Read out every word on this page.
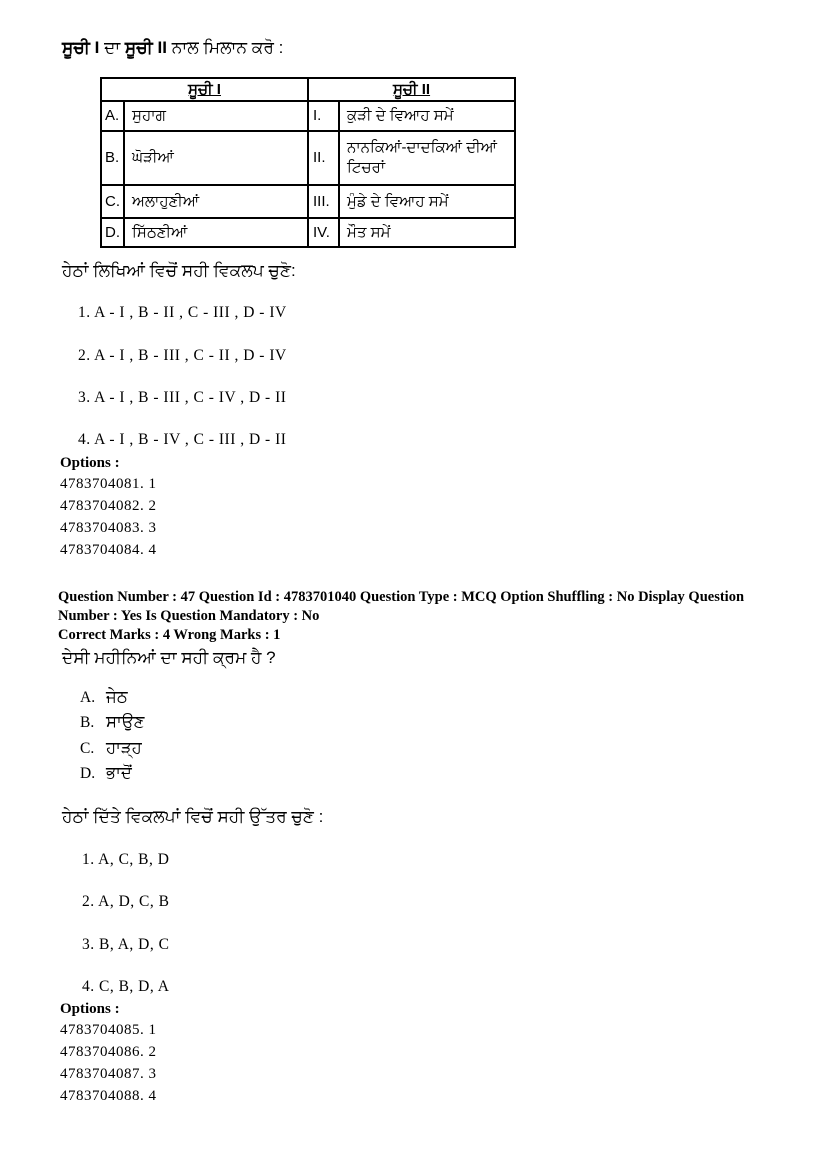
ਸੂਚੀ I ਦਾ ਸੂਚੀ II ਨਾਲ ਮਿਲਾਨ ਕਰੋ :
ਸੂਚੀ I		ਸੂਚੀ II	
A.	ਸੁਹਾਗ	I.	ਕੁੜੀ ਦੇ ਵਿਆਹ ਸਮੇਂ
B.	ਘੋੜੀਆਂ	II.	ਨਾਨਕਿਆਂ-ਦਾਦਕਿਆਂ ਦੀਆਂ ਟਿਚਰਾਂ
C.	ਅਲਾਹੁਣੀਆਂ	III.	ਮੁੰਡੇ ਦੇ ਵਿਆਹ ਸਮੇਂ
D.	ਸਿੱਠਣੀਆਂ	IV.	ਮੌਤ ਸਮੇਂ
ਹੇਠਾਂ ਲਿਖਿਆਂ ਵਿਚੋਂ ਸਹੀ ਵਿਕਲਪ ਚੁਣੋ:
1. A - I , B - II , C - III , D - IV
2. A - I , B - III , C - II , D - IV
3. A - I , B - III , C - IV , D - II
4. A - I , B - IV , C - III , D - II
Options :
4783704081. 1
4783704082. 2
4783704083. 3
4783704084. 4

Question Number : 47 Question Id : 4783701040 Question Type : MCQ Option Shuffling : No Display Question Number : Yes Is Question Mandatory : No

Correct Marks : 4 Wrong Marks : 1

ਦੇਸੀ ਮਹੀਨਿਆਂ ਦਾ ਸਹੀ ਕ੍ਰਮ ਹੈ ?
A. ਜੇਠ
B. ਸਾਉਣ
C. ਹਾੜ੍ਹ
D. ਭਾਦੋਂ
ਹੇਠਾਂ ਦਿੱਤੇ ਵਿਕਲਪਾਂ ਵਿਚੋਂ ਸਹੀ ਉੱਤਰ ਚੁਣੋ :
1. A, C, B, D
2. A, D, C, B
3. B, A, D, C
4. C, B, D, A
Options :
4783704085. 1
4783704086. 2
4783704087. 3
4783704088. 4
